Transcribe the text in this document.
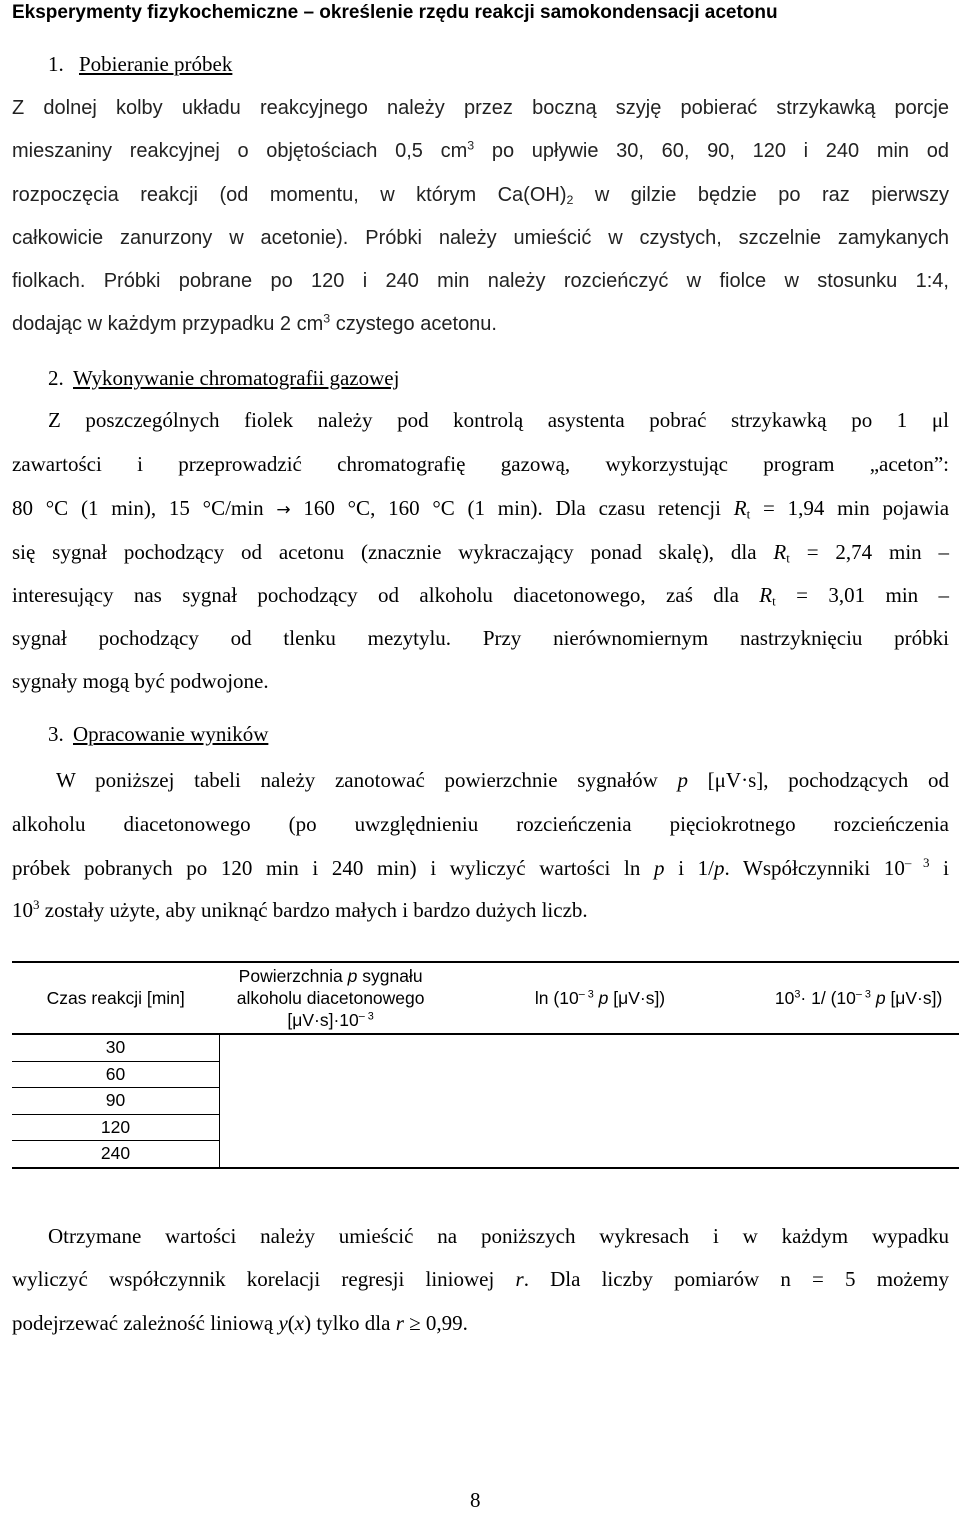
Eksperymenty fizykochemiczne – określenie rzędu reakcji samokondensacji acetonu
1. Pobieranie próbek
Z dolnej kolby układu reakcyjnego należy przez boczną szyję pobierać strzykawką porcje
mieszaniny reakcyjnej o objętościach 0,5 $cm^3$ po upływie 30, 60, 90, 120 i 240 min od
rozpoczęcia reakcji (od momentu, w którym $Ca(OH)_2$ w gilzie będzie po raz pierwszy
całkowicie zanurzony w acetonie). Próbki należy umieścić w czystych, szczelnie zamykanych
fiolkach. Próbki pobrane po 120 i 240 min należy rozcieńczyć w fiolce w stosunku 1:4,
dodając w każdym przypadku 2 $cm^3$ czystego acetonu.
2. Wykonywanie chromatografii gazowej
Z poszczególnych fiolek należy pod kontrolą asystenta pobrać strzykawką po 1 μl
zawartości i przeprowadzić chromatografię gazową, wykorzystując program „aceton”:
80 °C (1 min), 15 °C/min → 160 °C, 160 °C (1 min). Dla czasu retencji $R_t = 1,94$ min pojawia
się sygnał pochodzący od acetonu (znacznie wykraczający ponad skalę), dla $R_t = 2,74$ min –
interesujący nas sygnał pochodzący od alkoholu diacetonowego, zaś dla $R_t = 3,01$ min –
sygnał pochodzący od tlenku mezytylu. Przy nierównomiernym nastrzyknięciu próbki
sygnały mogą być podwojone.
3. Opracowanie wyników
W poniższej tabeli należy zanotować powierzchnie sygnałów p [μV·s], pochodzących od
alkoholu diacetonowego (po uwzględnieniu rozcieńczenia pięciokrotnego rozcieńczenia
próbek pobranych po 120 min i 240 min) i wyliczyć wartości ln p i 1/p. Współczynniki $10^{- 3}$ i
$10^3$ zostały użyte, aby uniknąć bardzo małych i bardzo dużych liczb.
Czas reakcji [min]	Powierzchnia p sygnału
alkoholu diacetonowego
$[\mu V\cdot s]\cdot 10^{- 3}$	$\ln (10^{- 3}$ p [μV·s])	$10^3\cdot 1/$ ($10^{- 3}$ p [μV·s])
30			
60			
90			
120			
240			
Otrzymane wartości należy umieścić na poniższych wykresach i w każdym wypadku
wyliczyć współczynnik korelacji regresji liniowej r. Dla liczby pomiarów n = 5 możemy
podejrzewać zależność liniową y(x) tylko dla r ≥ 0,99.
8
